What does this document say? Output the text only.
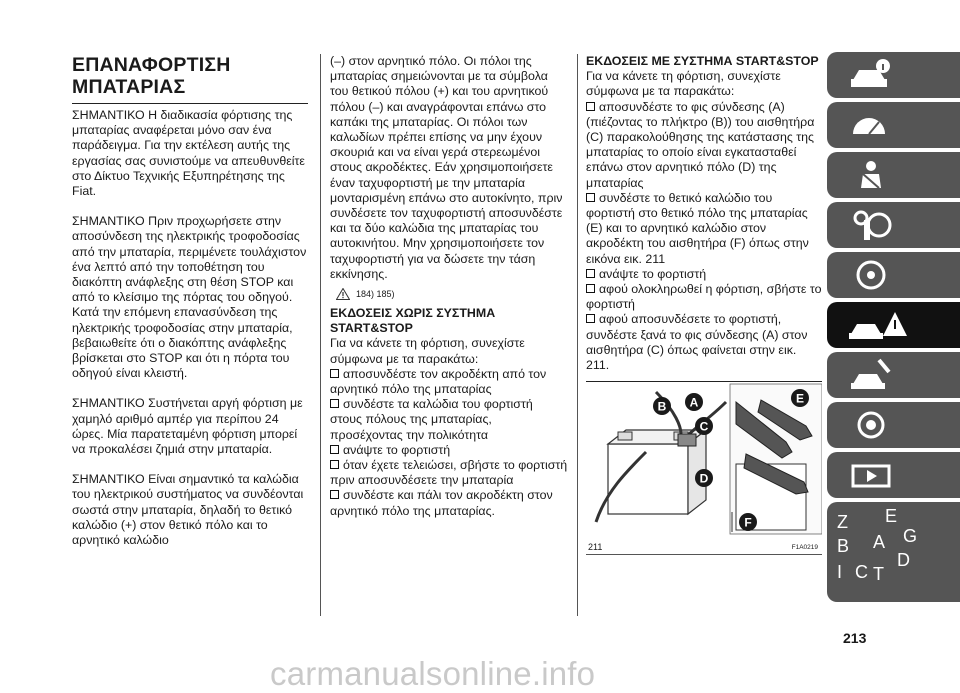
ΕΠΑΝΑΦΟΡΤΙΣΗ ΜΠΑΤΑΡΙΑΣ

ΣΗΜΑΝΤΙΚΟ Η διαδικασία φόρτισης της μπαταρίας αναφέρεται μόνο σαν ένα παράδειγμα. Για την εκτέλεση αυτής της εργασίας σας συνιστούμε να απευθυνθείτε στο Δίκτυο Τεχνικής Εξυπηρέτησης της Fiat.

ΣΗΜΑΝΤΙΚΟ Πριν προχωρήσετε στην αποσύνδεση της ηλεκτρικής τροφοδοσίας από την μπαταρία, περιμένετε τουλάχιστον ένα λεπτό από την τοποθέτηση του διακόπτη ανάφλεξης στη θέση STOP και από το κλείσιμο της πόρτας του οδηγού. Κατά την επόμενη επανασύνδεση της ηλεκτρικής τροφοδοσίας στην μπαταρία, βεβαιωθείτε ότι ο διακόπτης ανάφλεξης βρίσκεται στο STOP και ότι η πόρτα του οδηγού είναι κλειστή.

ΣΗΜΑΝΤΙΚΟ Συστήνεται αργή φόρτιση με χαμηλό αριθμό αμπέρ για περίπου 24 ώρες. Μία παρατεταμένη φόρτιση μπορεί να προκαλέσει ζημιά στην μπαταρία.

ΣΗΜΑΝΤΙΚΟ Είναι σημαντικό τα καλώδια του ηλεκτρικού συστήματος να συνδέονται σωστά στην μπαταρία, δηλαδή το θετικό καλώδιο (+) στον θετικό πόλο και το αρνητικό καλώδιο

(–) στον αρνητικό πόλο. Οι πόλοι της μπαταρίας σημειώνονται με τα σύμβολα του θετικού πόλου (+) και του αρνητικού πόλου (–) και αναγράφονται επάνω στο καπάκι της μπαταρίας. Οι πόλοι των καλωδίων πρέπει επίσης να μην έχουν σκουριά και να είναι γερά στερεωμένοι στους ακροδέκτες. Εάν χρησιμοποιήσετε έναν ταχυφορτιστή με την μπαταρία μονταρισμένη επάνω στο αυτοκίνητο, πριν συνδέσετε τον ταχυφορτιστή αποσυνδέστε και τα δύο καλώδια της μπαταρίας του αυτοκινήτου. Μην χρησιμοποιήσετε τον ταχυφορτιστή για να δώσετε την τάση εκκίνησης.

184) 185)
ΕΚΔΟΣΕΙΣ ΧΩΡΙΣ ΣΥΣΤΗΜΑ START&STOP

Για να κάνετε τη φόρτιση, συνεχίστε σύμφωνα με τα παρακάτω:

αποσυνδέστε τον ακροδέκτη από τον αρνητικό πόλο της μπαταρίας
συνδέστε τα καλώδια του φορτιστή στους πόλους της μπαταρίας, προσέχοντας την πολικότητα
ανάψτε το φορτιστή
όταν έχετε τελειώσει, σβήστε το φορτιστή πριν αποσυνδέσετε την μπαταρία
συνδέστε και πάλι τον ακροδέκτη στον αρνητικό πόλο της μπαταρίας.
ΕΚΔΟΣΕΙΣ ΜΕ ΣΥΣΤΗΜΑ START&STOP

Για να κάνετε τη φόρτιση, συνεχίστε σύμφωνα με τα παρακάτω:

αποσυνδέστε το φις σύνδεσης (A) (πιέζοντας το πλήκτρο (B)) του αισθητήρα (C) παρακολούθησης της κατάστασης της μπαταρίας το οποίο είναι εγκατασταθεί επάνω στον αρνητικό πόλο (D) της μπαταρίας
συνδέστε το θετικό καλώδιο του φορτιστή στο θετικό πόλο της μπαταρίας (E) και το αρνητικό καλώδιο στον ακροδέκτη του αισθητήρα (F) όπως στην εικόνα εικ. 211
ανάψτε το φορτιστή
αφού ολοκληρωθεί η φόρτιση, σβήστε το φορτιστή
αφού αποσυνδέσετε το φορτιστή, συνδέστε ξανά το φις σύνδεσης (A) στον αισθητήρα (C) όπως φαίνεται στην εικ. 211.
B A
C
D
E
F
211	F1A0219
Z E
A
B
I C T
D
G
213
carmanualsonline.info
